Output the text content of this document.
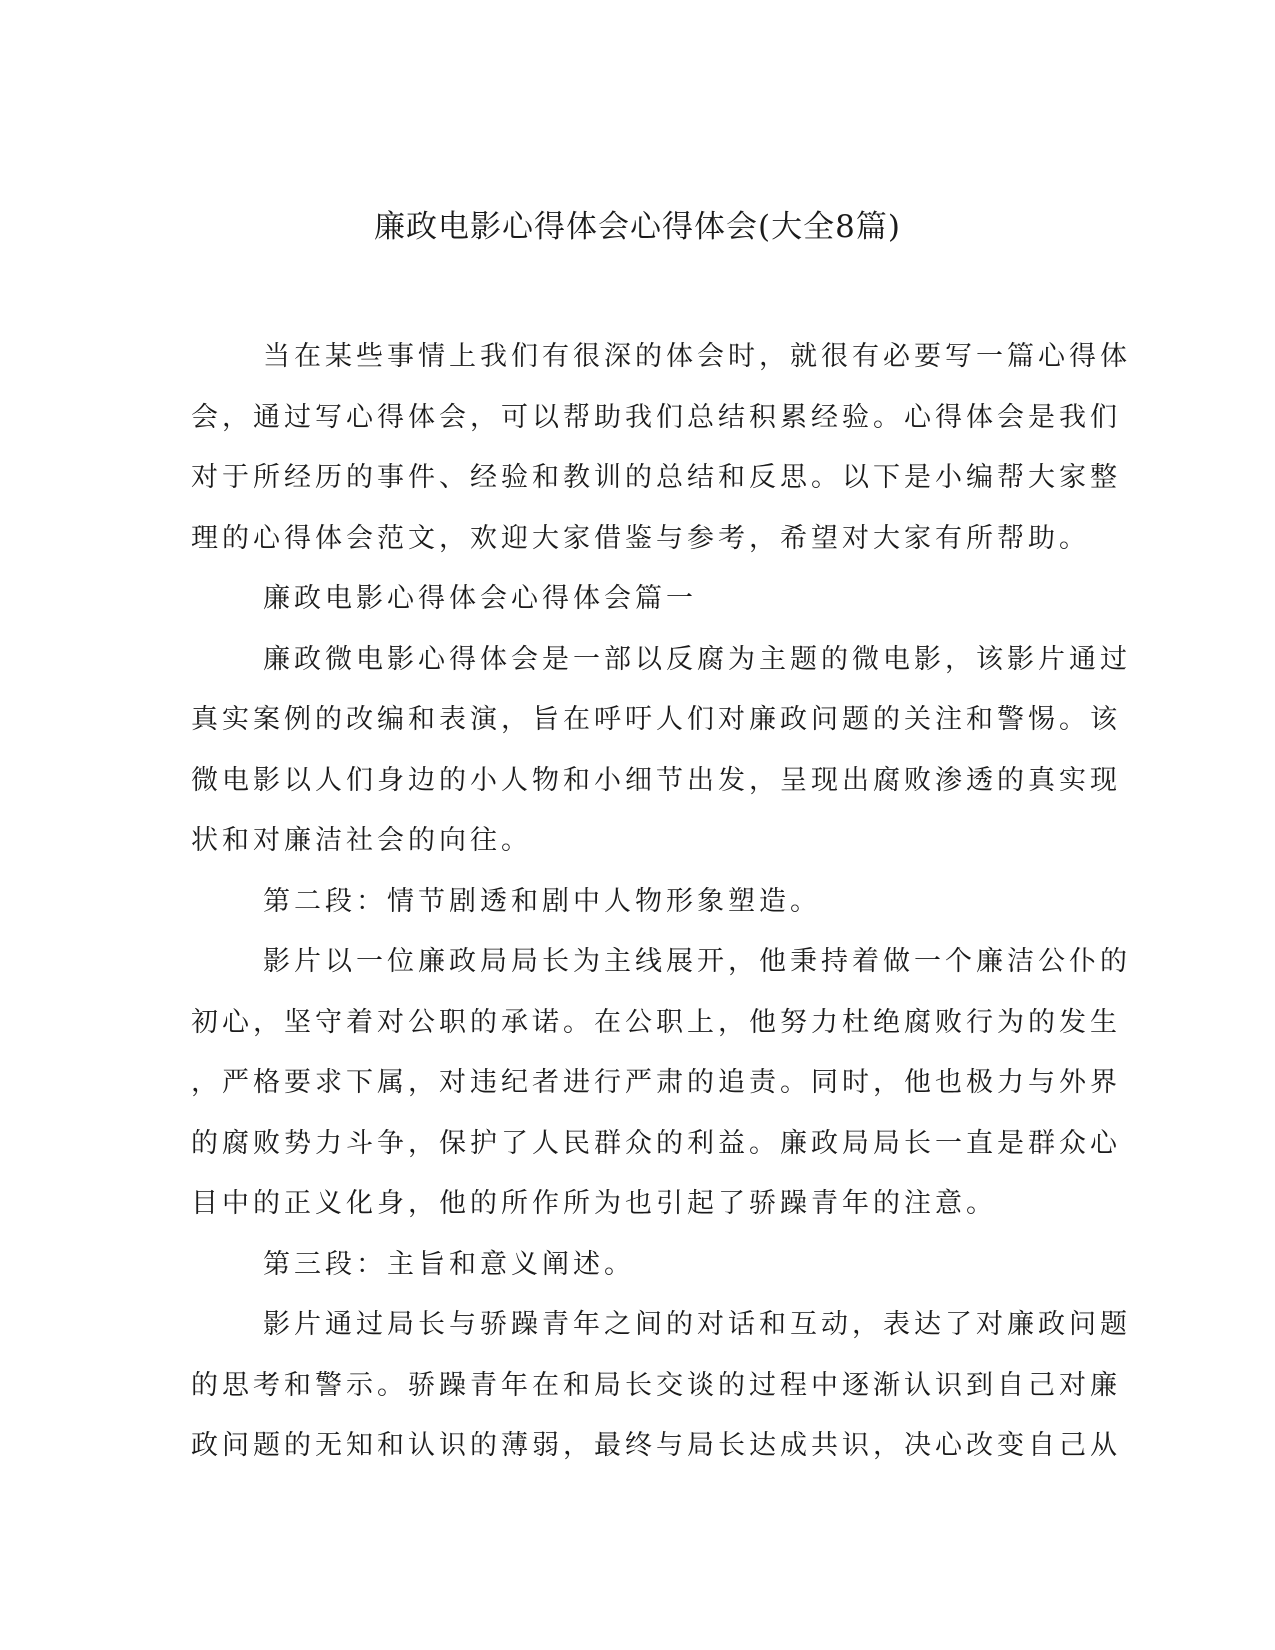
廉政电影心得体会心得体会(大全8篇)
当在某些事情上我们有很深的体会时，就很有必要写一篇心得体
会，通过写心得体会，可以帮助我们总结积累经验。心得体会是我们
对于所经历的事件、经验和教训的总结和反思。以下是小编帮大家整
理的心得体会范文，欢迎大家借鉴与参考，希望对大家有所帮助。
廉政电影心得体会心得体会篇一
廉政微电影心得体会是一部以反腐为主题的微电影，该影片通过
真实案例的改编和表演，旨在呼吁人们对廉政问题的关注和警惕。该
微电影以人们身边的小人物和小细节出发，呈现出腐败渗透的真实现
状和对廉洁社会的向往。
第二段：情节剧透和剧中人物形象塑造。
影片以一位廉政局局长为主线展开，他秉持着做一个廉洁公仆的
初心，坚守着对公职的承诺。在公职上，他努力杜绝腐败行为的发生
，严格要求下属，对违纪者进行严肃的追责。同时，他也极力与外界
的腐败势力斗争，保护了人民群众的利益。廉政局局长一直是群众心
目中的正义化身，他的所作所为也引起了骄躁青年的注意。
第三段：主旨和意义阐述。
影片通过局长与骄躁青年之间的对话和互动，表达了对廉政问题
的思考和警示。骄躁青年在和局长交谈的过程中逐渐认识到自己对廉
政问题的无知和认识的薄弱，最终与局长达成共识，决心改变自己从
